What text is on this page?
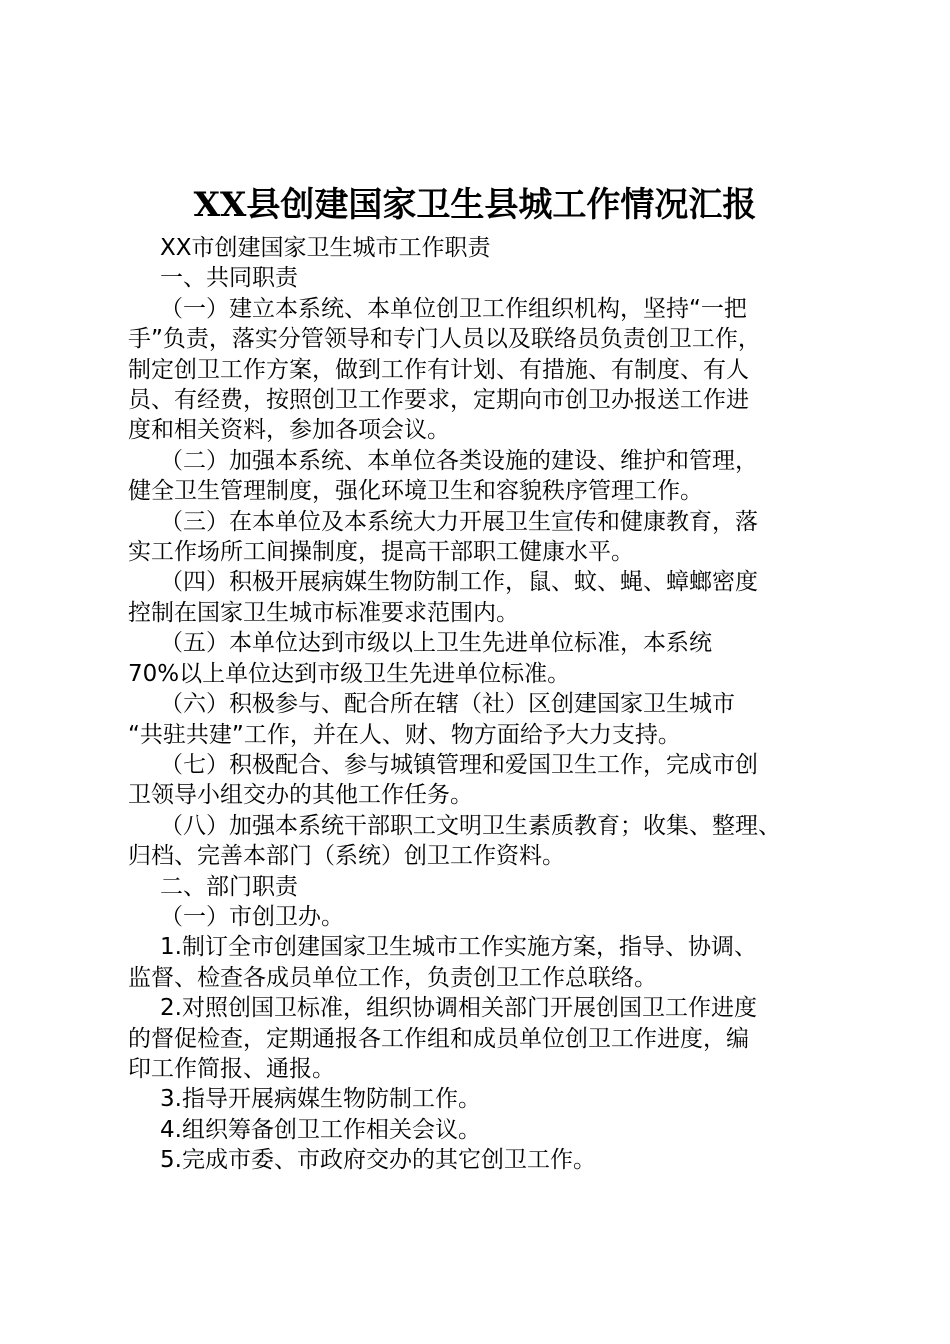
XX县创建国家卫生县城工作情况汇报
XX市创建国家卫生城市工作职责
一、共同职责
（一）建立本系统、本单位创卫工作组织机构，坚持“一把
手”负责，落实分管领导和专门人员以及联络员负责创卫工作，
制定创卫工作方案，做到工作有计划、有措施、有制度、有人
员、有经费，按照创卫工作要求，定期向市创卫办报送工作进
度和相关资料，参加各项会议。
（二）加强本系统、本单位各类设施的建设、维护和管理，
健全卫生管理制度，强化环境卫生和容貌秩序管理工作。
（三）在本单位及本系统大力开展卫生宣传和健康教育，落
实工作场所工间操制度，提高干部职工健康水平。
（四）积极开展病媒生物防制工作，鼠、蚊、蝇、蟑螂密度
控制在国家卫生城市标准要求范围内。
（五）本单位达到市级以上卫生先进单位标准，本系统
70%以上单位达到市级卫生先进单位标准。
（六）积极参与、配合所在辖（社）区创建国家卫生城市
“共驻共建”工作，并在人、财、物方面给予大力支持。
（七）积极配合、参与城镇管理和爱国卫生工作，完成市创
卫领导小组交办的其他工作任务。
（八）加强本系统干部职工文明卫生素质教育；收集、整理、
归档、完善本部门（系统）创卫工作资料。
二、部门职责
（一）市创卫办。
1.制订全市创建国家卫生城市工作实施方案，指导、协调、
监督、检查各成员单位工作，负责创卫工作总联络。
2.对照创国卫标准，组织协调相关部门开展创国卫工作进度
的督促检查，定期通报各工作组和成员单位创卫工作进度，编
印工作简报、通报。
3.指导开展病媒生物防制工作。
4.组织筹备创卫工作相关会议。
5.完成市委、市政府交办的其它创卫工作。
